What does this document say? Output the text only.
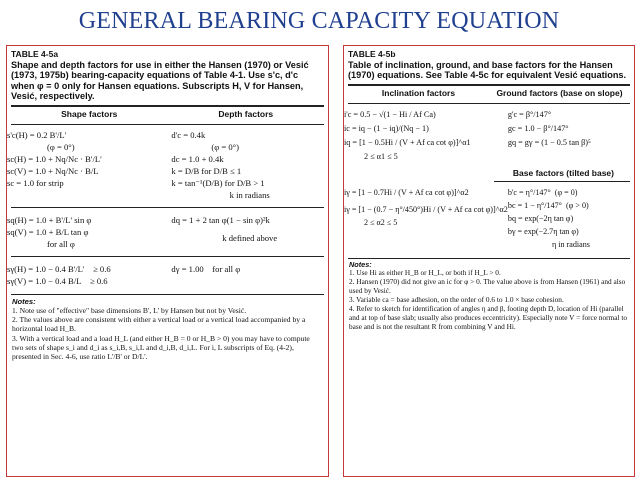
GENERAL BEARING CAPACITY EQUATION
TABLE 4-5a
Shape and depth factors for use in either the Hansen (1970) or Vesić (1973, 1975b) bearing-capacity equations of Table 4-1. Use s'c, d'c when φ = 0 only for Hansen equations. Subscripts H, V for Hansen, Vesić, respectively.
Shape factors	Depth factors
s'c(H) = 0.2 B'/L'
(φ = 0°)
sc(H) = 1.0 + Nq/Nc · B'/L'
sc(V) = 1.0 + Nq/Nc · B/L
sc = 1.0 for strip
d'c = 0.4k
(φ = 0°)
dc = 1.0 + 0.4k
k = D/B for D/B ≤ 1
k = tan⁻¹(D/B) for D/B > 1
k in radians
sq(H) = 1.0 + B'/L' sin φ
sq(V) = 1.0 + B/L tan φ
for all φ
dq = 1 + 2 tan φ(1 − sin φ)²k
k defined above
sγ(H) = 1.0 − 0.4 B'/L' ≥ 0.6
sγ(V) = 1.0 − 0.4 B/L ≥ 0.6
dγ = 1.00 for all φ
Notes:
1. Note use of "effective" base dimensions B', L' by Hansen but not by Vesić.
2. The values above are consistent with either a vertical load or a vertical load accompanied by a horizontal load H_B.
3. With a vertical load and a load H_L (and either H_B = 0 or H_B > 0) you may have to compute two sets of shape s_i and d_i as s_i,B, s_i,L and d_i,B, d_i,L. For i, L subscripts of Eq. (4-2), presented in Sec. 4-6, use ratio L'/B' or D/L'.
TABLE 4-5b
Table of inclination, ground, and base factors for the Hansen (1970) equations. See Table 4-5c for equivalent Vesić equations.
Inclination factors	Ground factors (base on slope)
i'c = 0.5 − √(1 − Hi / Af Ca)
ic = iq − (1 − iq)/(Nq − 1)
iq = [1 − 0.5Hi / (V + Af ca cot φ)]^α1
2 ≤ α1 ≤ 5
g'c = β°/147°
gc = 1.0 − β°/147°
gq = gγ = (1 − 0.5 tan β)⁵
Base factors (tilted base)
iγ = [1 − 0.7Hi / (V + Af ca cot φ)]^α2
iγ = [1 − (0.7 − η°/450°)Hi / (V + Af ca cot φ)]^α2
2 ≤ α2 ≤ 5
b'c = η°/147° (φ = 0)
bc = 1 − η°/147° (φ > 0)
bq = exp(−2η tan φ)
bγ = exp(−2.7η tan φ)
η in radians
Notes:
1. Use Hi as either H_B or H_L, or both if H_L > 0.
2. Hansen (1970) did not give an ic for φ > 0. The value above is from Hansen (1961) and also used by Vesić.
3. Variable ca = base adhesion, on the order of 0.6 to 1.0 × base cohesion.
4. Refer to sketch for identification of angles η and β, footing depth D, location of Hi (parallel and at top of base slab; usually also produces eccentricity). Especially note V = force normal to base and is not the resultant R from combining V and Hi.
